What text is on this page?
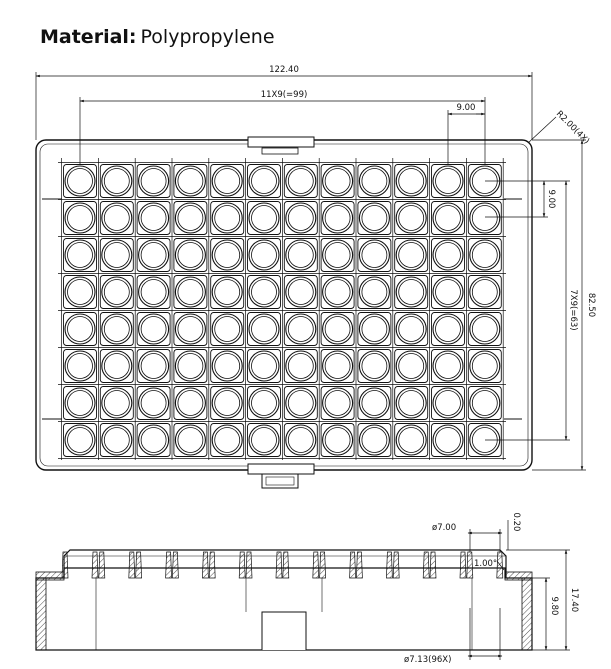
Material: Polypropylene
122.40
11X9(=99)
9.00
R2.00(4X)
82.50
7X9(=63)
9.00
ø7.00	0.20
1.00°
17.40
9.80
ø7.13(96X)
